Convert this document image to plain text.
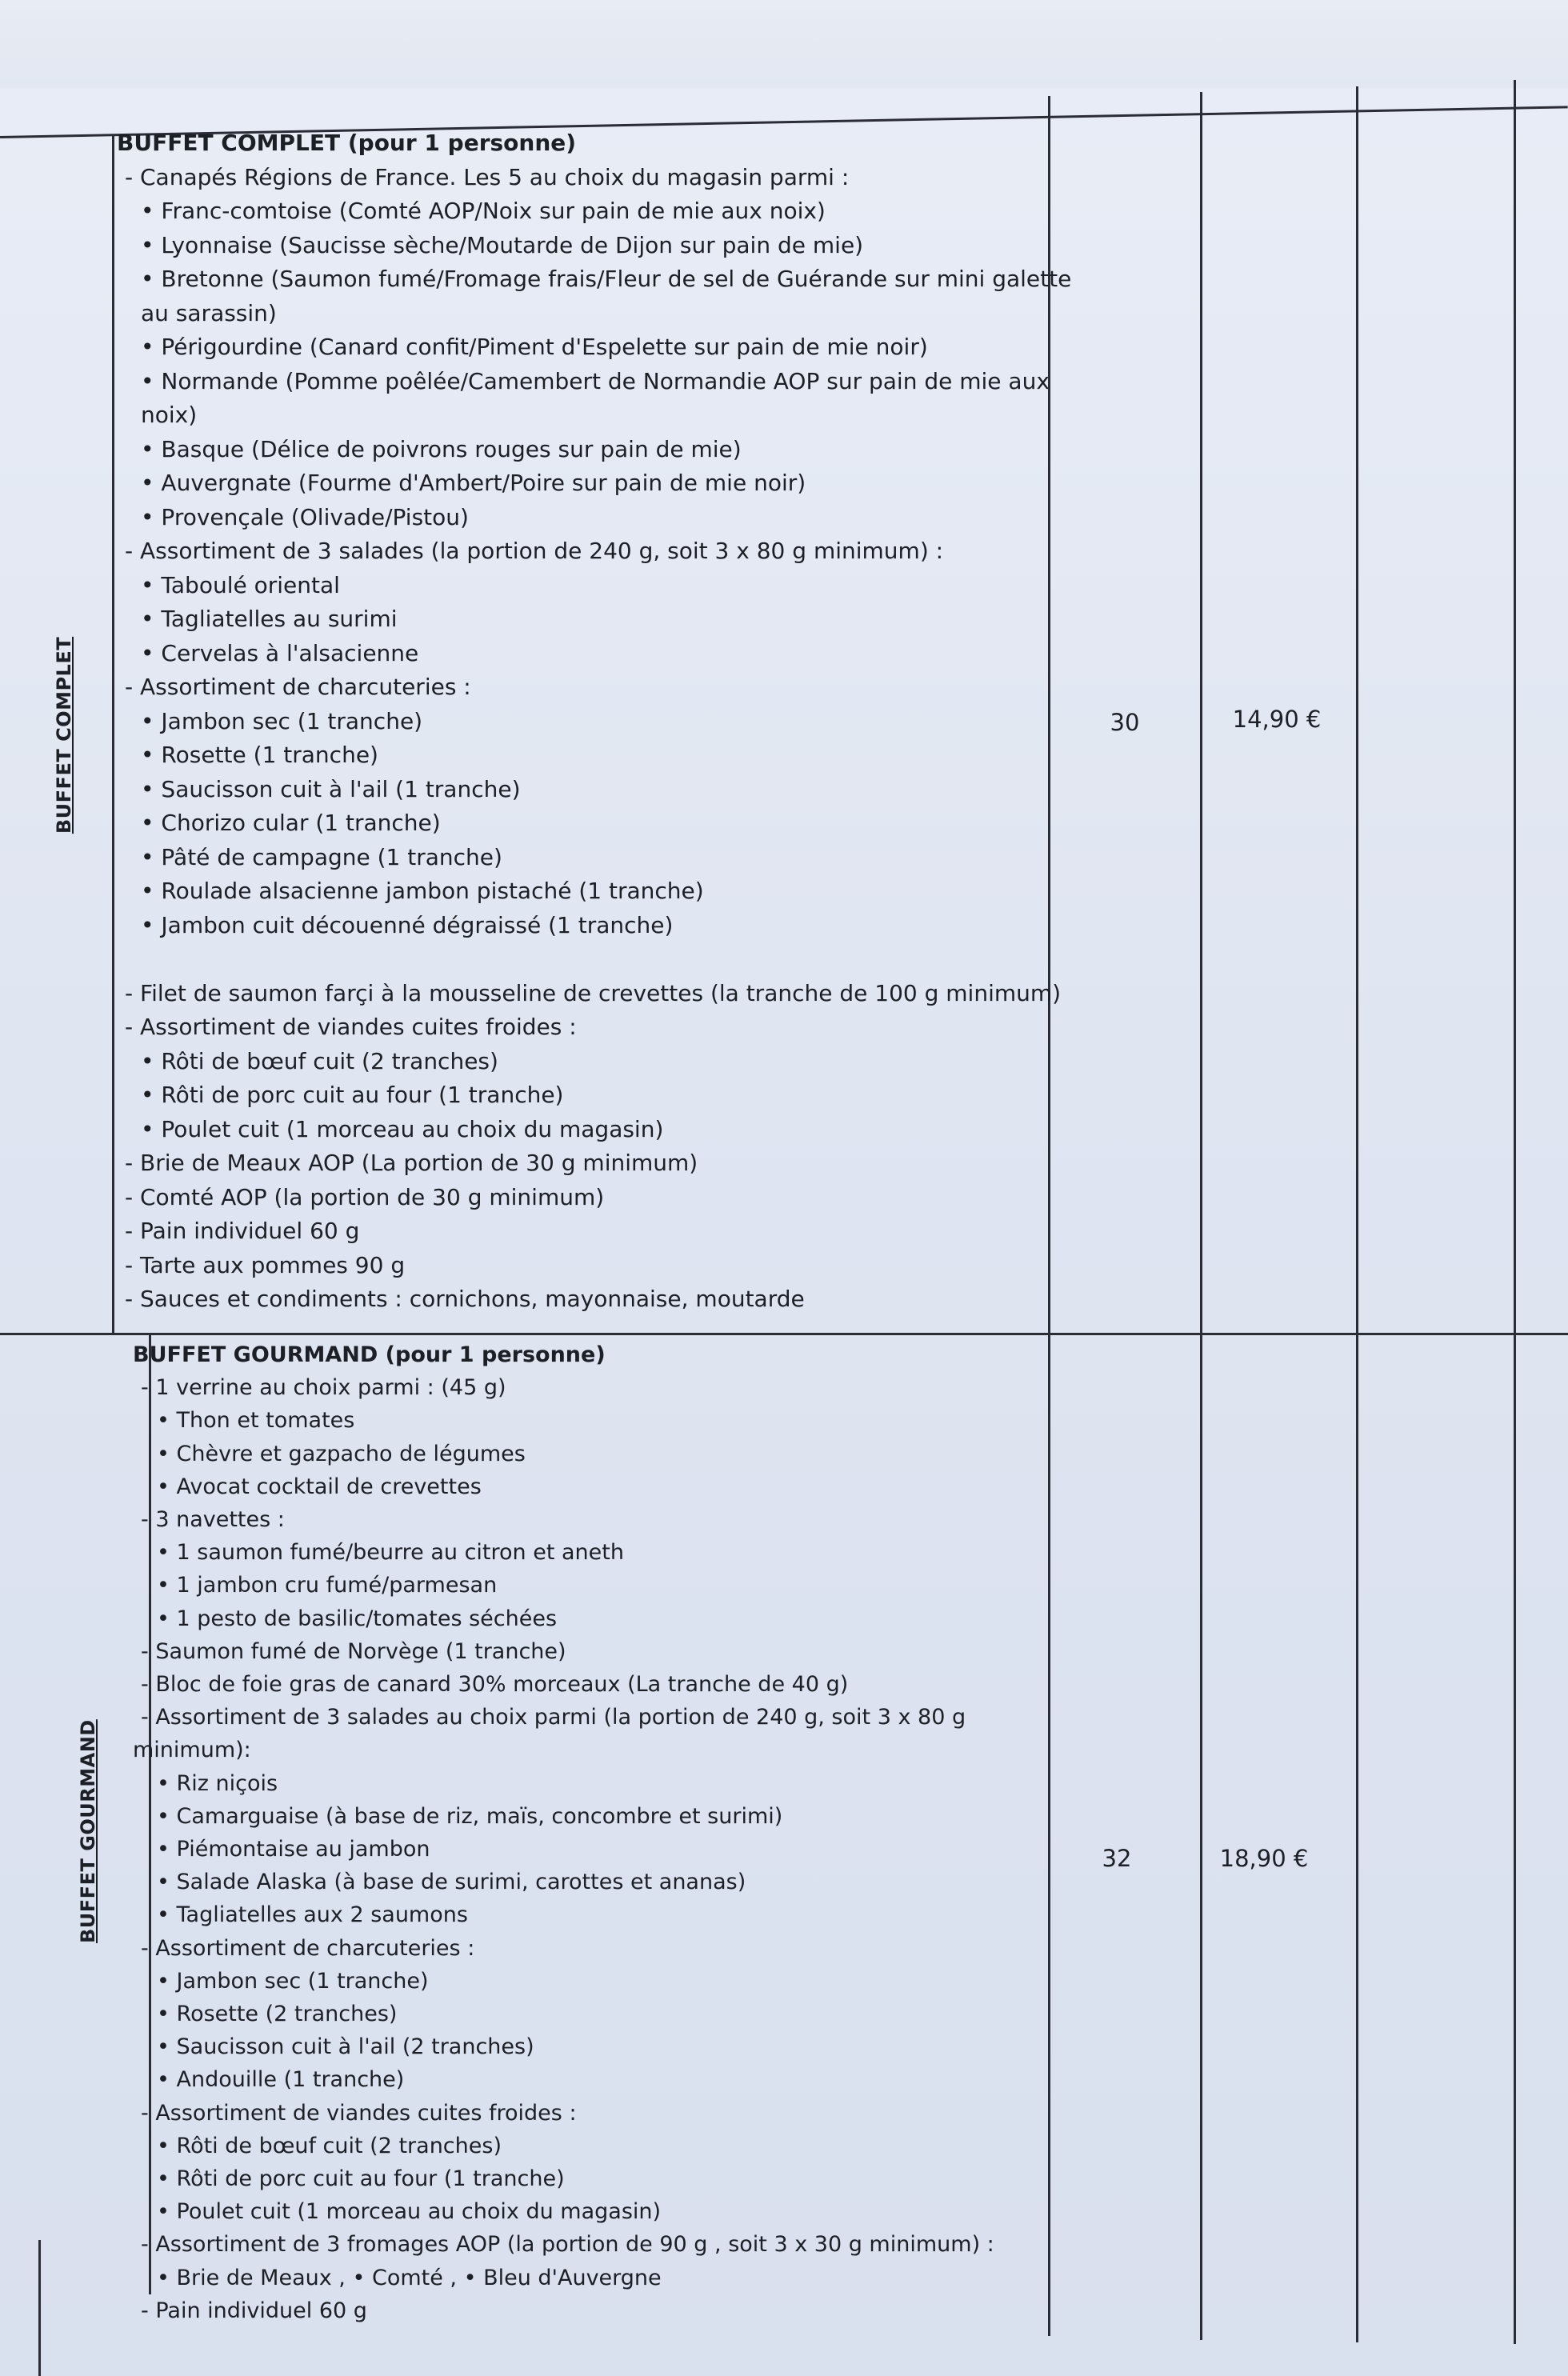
BUFFET COMPLET
BUFFET COMPLET (pour 1 personne)
- Canapés Régions de France. Les 5 au choix du magasin parmi :
• Franc-comtoise (Comté AOP/Noix sur pain de mie aux noix)
• Lyonnaise (Saucisse sèche/Moutarde de Dijon sur pain de mie)
• Bretonne (Saumon fumé/Fromage frais/Fleur de sel de Guérande sur mini galette
au sarassin)
• Périgourdine (Canard confit/Piment d'Espelette sur pain de mie noir)
• Normande (Pomme poêlée/Camembert de Normandie AOP sur pain de mie aux
noix)
• Basque (Délice de poivrons rouges sur pain de mie)
• Auvergnate (Fourme d'Ambert/Poire sur pain de mie noir)
• Provençale (Olivade/Pistou)
- Assortiment de 3 salades (la portion de 240 g, soit 3 x 80 g minimum) :
• Taboulé oriental
• Tagliatelles au surimi
• Cervelas à l'alsacienne
- Assortiment de charcuteries :
• Jambon sec (1 tranche)
• Rosette (1 tranche)
• Saucisson cuit à l'ail (1 tranche)
• Chorizo cular (1 tranche)
• Pâté de campagne (1 tranche)
• Roulade alsacienne jambon pistaché (1 tranche)
• Jambon cuit découenné dégraissé (1 tranche)

- Filet de saumon farçi à la mousseline de crevettes (la tranche de 100 g minimum)
- Assortiment de viandes cuites froides :
• Rôti de bœuf cuit (2 tranches)
• Rôti de porc cuit au four (1 tranche)
• Poulet cuit (1 morceau au choix du magasin)
- Brie de Meaux AOP (La portion de 30 g minimum)
- Comté AOP (la portion de 30 g minimum)
- Pain individuel 60 g
- Tarte aux pommes 90 g
- Sauces et condiments : cornichons, mayonnaise, moutarde
30	14,90 €
BUFFET GOURMAND
BUFFET GOURMAND (pour 1 personne)
- 1 verrine au choix parmi : (45 g)
• Thon et tomates
• Chèvre et gazpacho de légumes
• Avocat cocktail de crevettes
- 3 navettes :
• 1 saumon fumé/beurre au citron et aneth
• 1 jambon cru fumé/parmesan
• 1 pesto de basilic/tomates séchées
- Saumon fumé de Norvège (1 tranche)
- Bloc de foie gras de canard 30% morceaux (La tranche de 40 g)
- Assortiment de 3 salades au choix parmi (la portion de 240 g, soit 3 x 80 g
minimum):
• Riz niçois
• Camarguaise (à base de riz, maïs, concombre et surimi)
• Piémontaise au jambon
• Salade Alaska (à base de surimi, carottes et ananas)
• Tagliatelles aux 2 saumons
- Assortiment de charcuteries :
• Jambon sec (1 tranche)
• Rosette (2 tranches)
• Saucisson cuit à l'ail (2 tranches)
• Andouille (1 tranche)
- Assortiment de viandes cuites froides :
• Rôti de bœuf cuit (2 tranches)
• Rôti de porc cuit au four (1 tranche)
• Poulet cuit (1 morceau au choix du magasin)
- Assortiment de 3 fromages AOP (la portion de 90 g , soit 3 x 30 g minimum) :
• Brie de Meaux , • Comté , • Bleu d'Auvergne
- Pain individuel 60 g
32	18,90 €
